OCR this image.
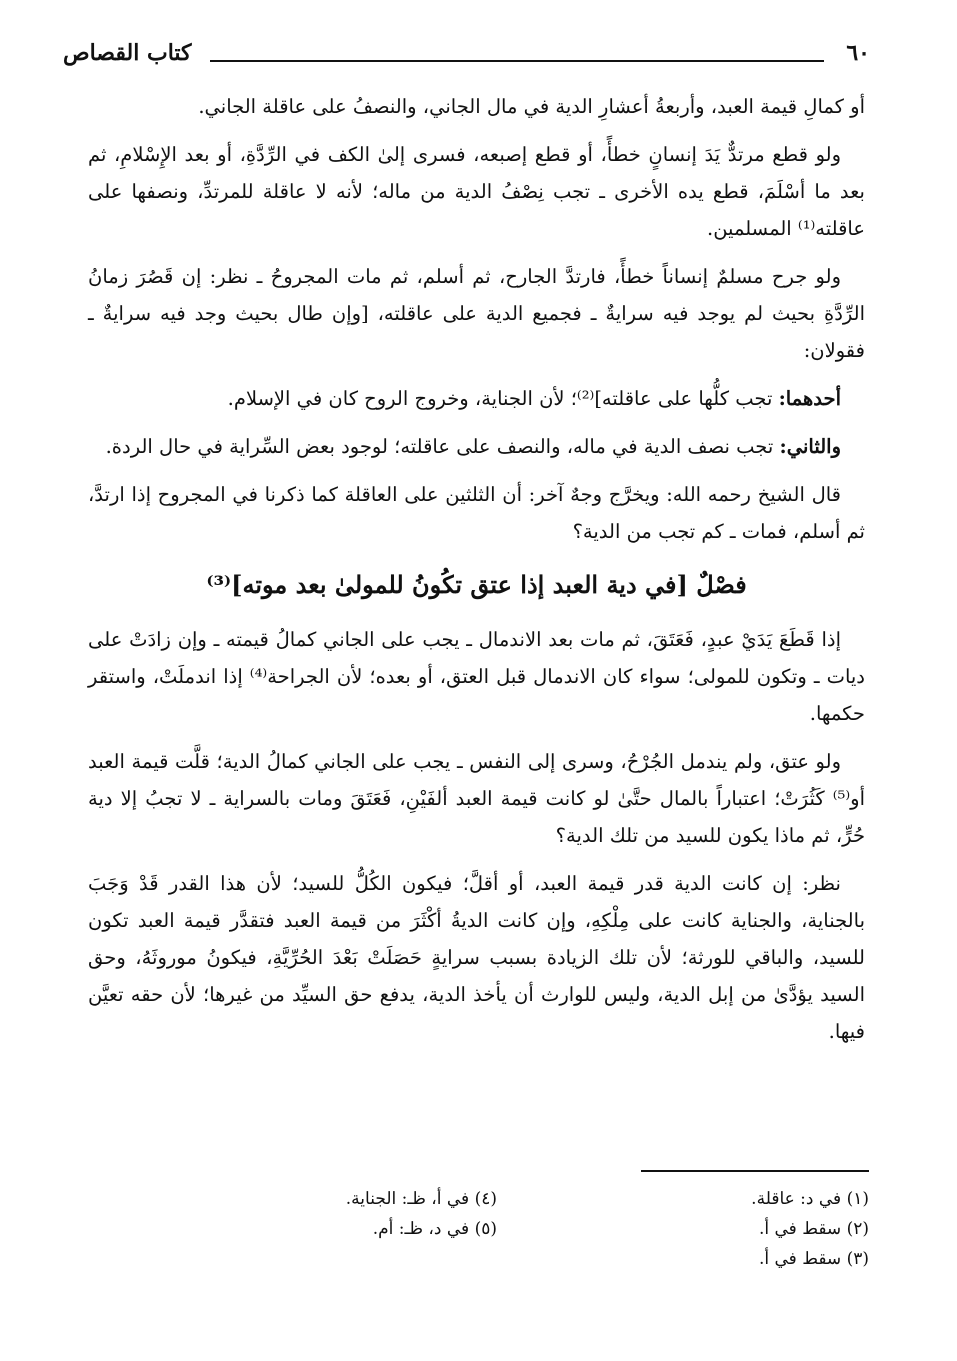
٦٠
كتاب القصاص

أو كمالِ قيمة العبد، وأربعةُ أعشارِ الدية في مال الجاني، والنصفُ على عاقلة الجاني.

ولو قطع مرتدٌّ يَدَ إنسانٍ خطأً، أو قطع إصبعه، فسرى إلىٰ الكف في الرِّدَّةِ، أو بعد الإِسْلامِ، ثم بعد ما أسْلَمَ، قطع يده الأخرى ـ تجب نِصْفُ الدية من ماله؛ لأنه لا عاقلة للمرتدِّ، ونصفها على عاقلته⁽¹⁾ المسلمين.

ولو جرح مسلمٌ إنساناً خطأً، فارتدَّ الجارح، ثم أسلم، ثم مات المجروحُ ـ نظر: إن قَصُرَ زمانُ الرِّدَّةِ بحيث لم يوجد فيه سرايةٌ ـ فجميع الدية على عاقلته، [وإن طال بحيث وجد فيه سرايةٌ ـ فقولان:

أحدهما: تجب كلُّها على عاقلته]⁽²⁾؛ لأن الجناية، وخروج الروح كان في الإسلام.

والثاني: تجب نصف الدية في ماله، والنصف على عاقلته؛ لوجود بعض السِّراية في حال الردة.

قال الشيخ رحمه الله: ويخرَّج وجهٌ آخر: أن الثلثين على العاقلة كما ذكرنا في المجروح إذا ارتدَّ، ثم أسلم، فمات ـ كم تجب من الدية؟

فصْلٌ [في دية العبد إذا عتق تكُونُ للمولىٰ بعد موته]⁽³⁾

إذا قَطَعَ يَدَيْ عبدٍ، فَعَتَقَ، ثم مات بعد الاندمال ـ يجب على الجاني كمالُ قيمته ـ وإن زادَتْ على ديات ـ وتكون للمولى؛ سواء كان الاندمال قبل العتق، أو بعده؛ لأن الجراحة⁽⁴⁾ إذا اندملَتْ، واستقر حكمها.

ولو عتق، ولم يندمل الجُرْحُ، وسرى إلى النفس ـ يجب على الجاني كمالُ الدية؛ قلَّت قيمة العبد أو⁽⁵⁾ كَثُرَتْ؛ اعتباراً بالمال حتَّىٰ لو كانت قيمة العبد ألفَيْنِ، فَعَتَقَ ومات بالسراية ـ لا تجبُ إلا دية حُرٍّ، ثم ماذا يكون للسيد من تلك الدية؟

نظر: إن كانت الدية قدر قيمة العبد، أو أقلَّ؛ فيكون الكُلُّ للسيد؛ لأن هذا القدر قَدْ وَجَبَ بالجناية، والجناية كانت على مِلْكِهِ، وإن كانت الديةُ أكْثَرَ من قيمة العبد فتقدَّر قيمة العبد تكون للسيد، والباقي للورثة؛ لأن تلك الزيادة بسبب سرايةٍ حَصَلَتْ بَعْدَ الحُرِّيَّةِ، فيكونُ موروثَهُ، وحق السيد يؤدَّىٰ من إبل الدية، وليس للوارث أن يأخذ الدية، يدفع حق السيِّد من غيرها؛ لأن حقه تعيَّن فيها.

(١) في د: عاقلة.

(٢) سقط في أ.

(٣) سقط في أ.

(٤) في أ، ظـ: الجناية.

(٥) في د، ظـ: أم.
